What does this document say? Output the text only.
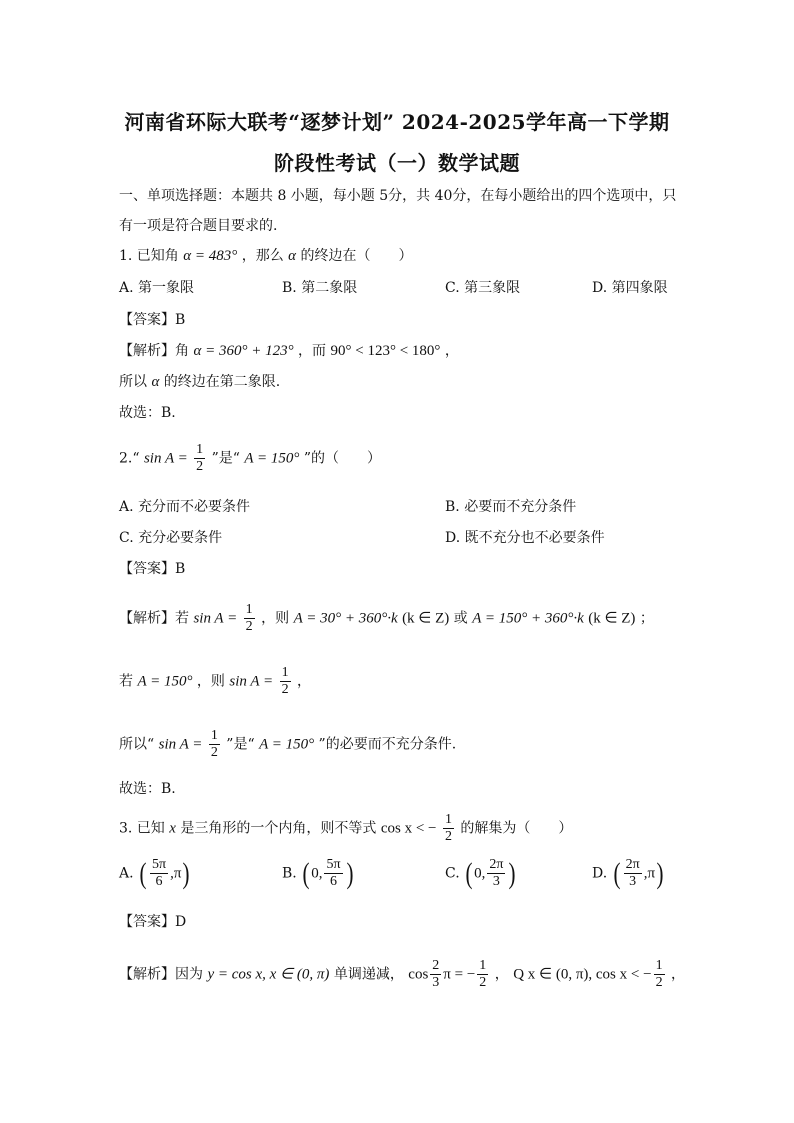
河南省环际大联考“逐梦计划” 2024-2025学年高一下学期
阶段性考试（一）数学试题
一、单项选择题：本题共 8 小题，每小题 5分，共 40分，在每小题给出的四个选项中，只
有一项是符合题目要求的.
1. 已知角 α = 483° ，那么 α 的终边在（　　）
A. 第一象限	B. 第二象限	C. 第三象限	D. 第四象限
【答案】B
【解析】角 α = 360° + 123° ，而 90° < 123° < 180° ，
所以 α 的终边在第二象限.
故选：B.
2.“ $\sin A = \frac{1}{2}$ ”是“ A = 150° ”的（　　）
A. 充分而不必要条件	B. 必要而不充分条件
C. 充分必要条件	D. 既不充分也不必要条件
【答案】B
【解析】若 $\sin A = \frac{1}{2}$ ，则 A = 30° + 360°·k (k ∈ Z) 或 A = 150° + 360°·k (k ∈ Z) ；
若 A = 150° ，则 $\sin A = \frac{1}{2}$ ，
所以“ $\sin A = \frac{1}{2}$ ”是“ A = 150° ”的必要而不充分条件.
故选：B.
3. 已知 x 是三角形的一个内角，则不等式 cos x < − $\frac{1}{2}$ 的解集为（　　）
A. ( $\frac{5\pi}{6} ,\pi$)	B. ( 0, $\frac{5\pi}{6}$ )	C. ( 0, $\frac{2\pi}{3}$ )	D. ( $\frac{2\pi}{3} ,\pi$)
【答案】D
【解析】因为 y = cos x, x ∈ (0, π) 单调递减， $\cos \frac{2}{3}$ π = − $\frac{1}{2}$ ， Q x ∈ (0, π), cos x < − $\frac{1}{2}$ ，
